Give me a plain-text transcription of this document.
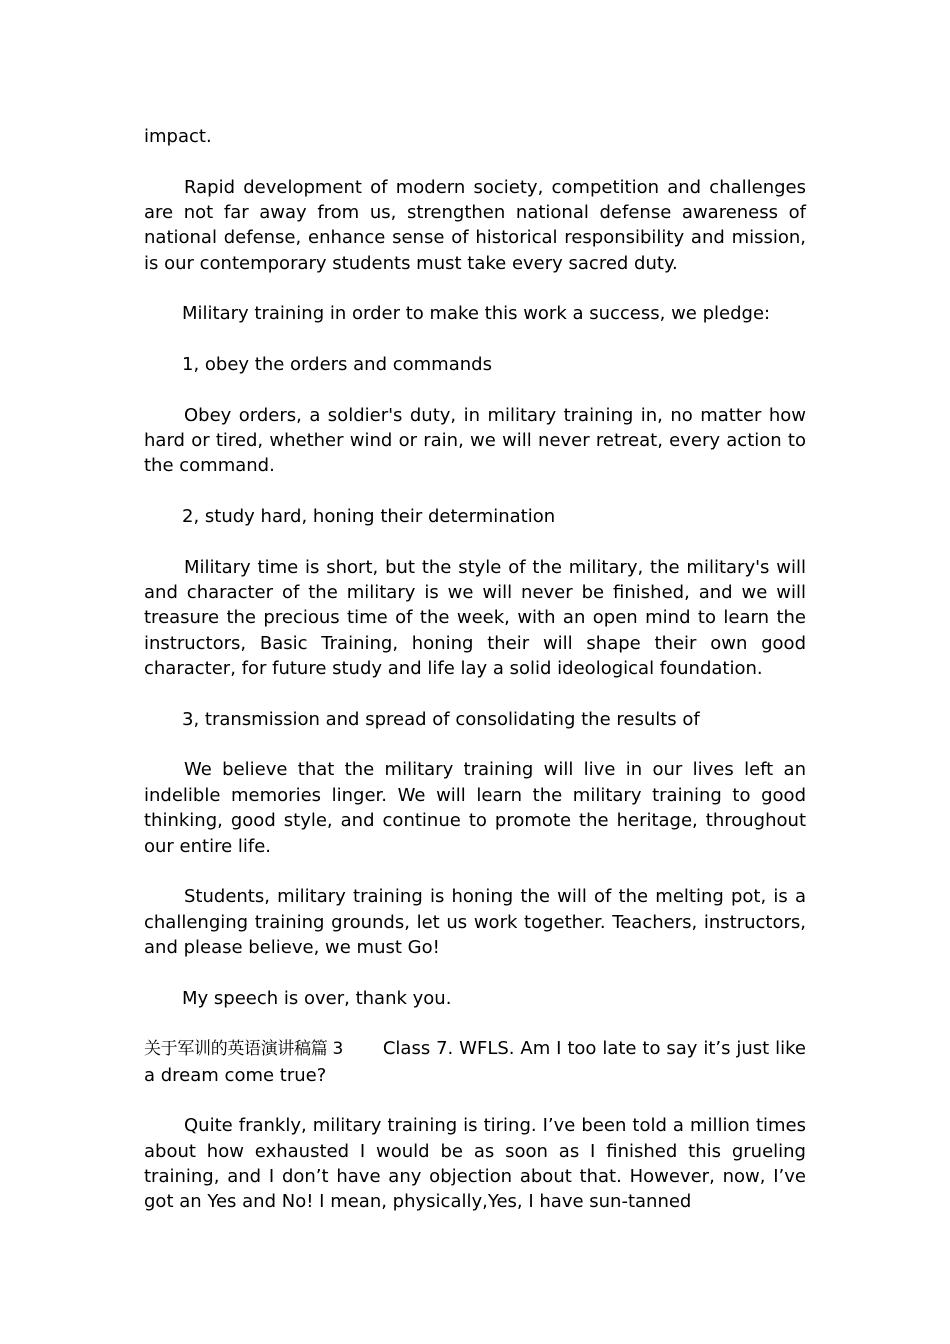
impact.

Rapid development of modern society, competition and challenges are not far away from us, strengthen national defense awareness of national defense, enhance sense of historical responsibility and mission, is our contemporary students must take every sacred duty.

Military training in order to make this work a success, we pledge:

1, obey the orders and commands

Obey orders, a soldier's duty, in military training in, no matter how hard or tired, whether wind or rain, we will never retreat, every action to the command.

2, study hard, honing their determination

Military time is short, but the style of the military, the military's will and character of the military is we will never be finished, and we will treasure the precious time of the week, with an open mind to learn the instructors, Basic Training, honing their will shape their own good character, for future study and life lay a solid ideological foundation.

3, transmission and spread of consolidating the results of

We believe that the military training will live in our lives left an indelible memories linger. We will learn the military training to good thinking, good style, and continue to promote the heritage, throughout our entire life.

Students, military training is honing the will of the melting pot, is a challenging training grounds, let us work together. Teachers, instructors, and please believe, we must Go!

My speech is over, thank you.

关于军训的英语演讲稿篇 3 Class 7. WFLS. Am I too late to say it’s just like a dream come true?

Quite frankly, military training is tiring. I’ve been told a million times about how exhausted I would be as soon as I finished this grueling training, and I don’t have any objection about that. However, now, I’ve got an Yes and No! I mean, physically,Yes, I have sun-tanned
